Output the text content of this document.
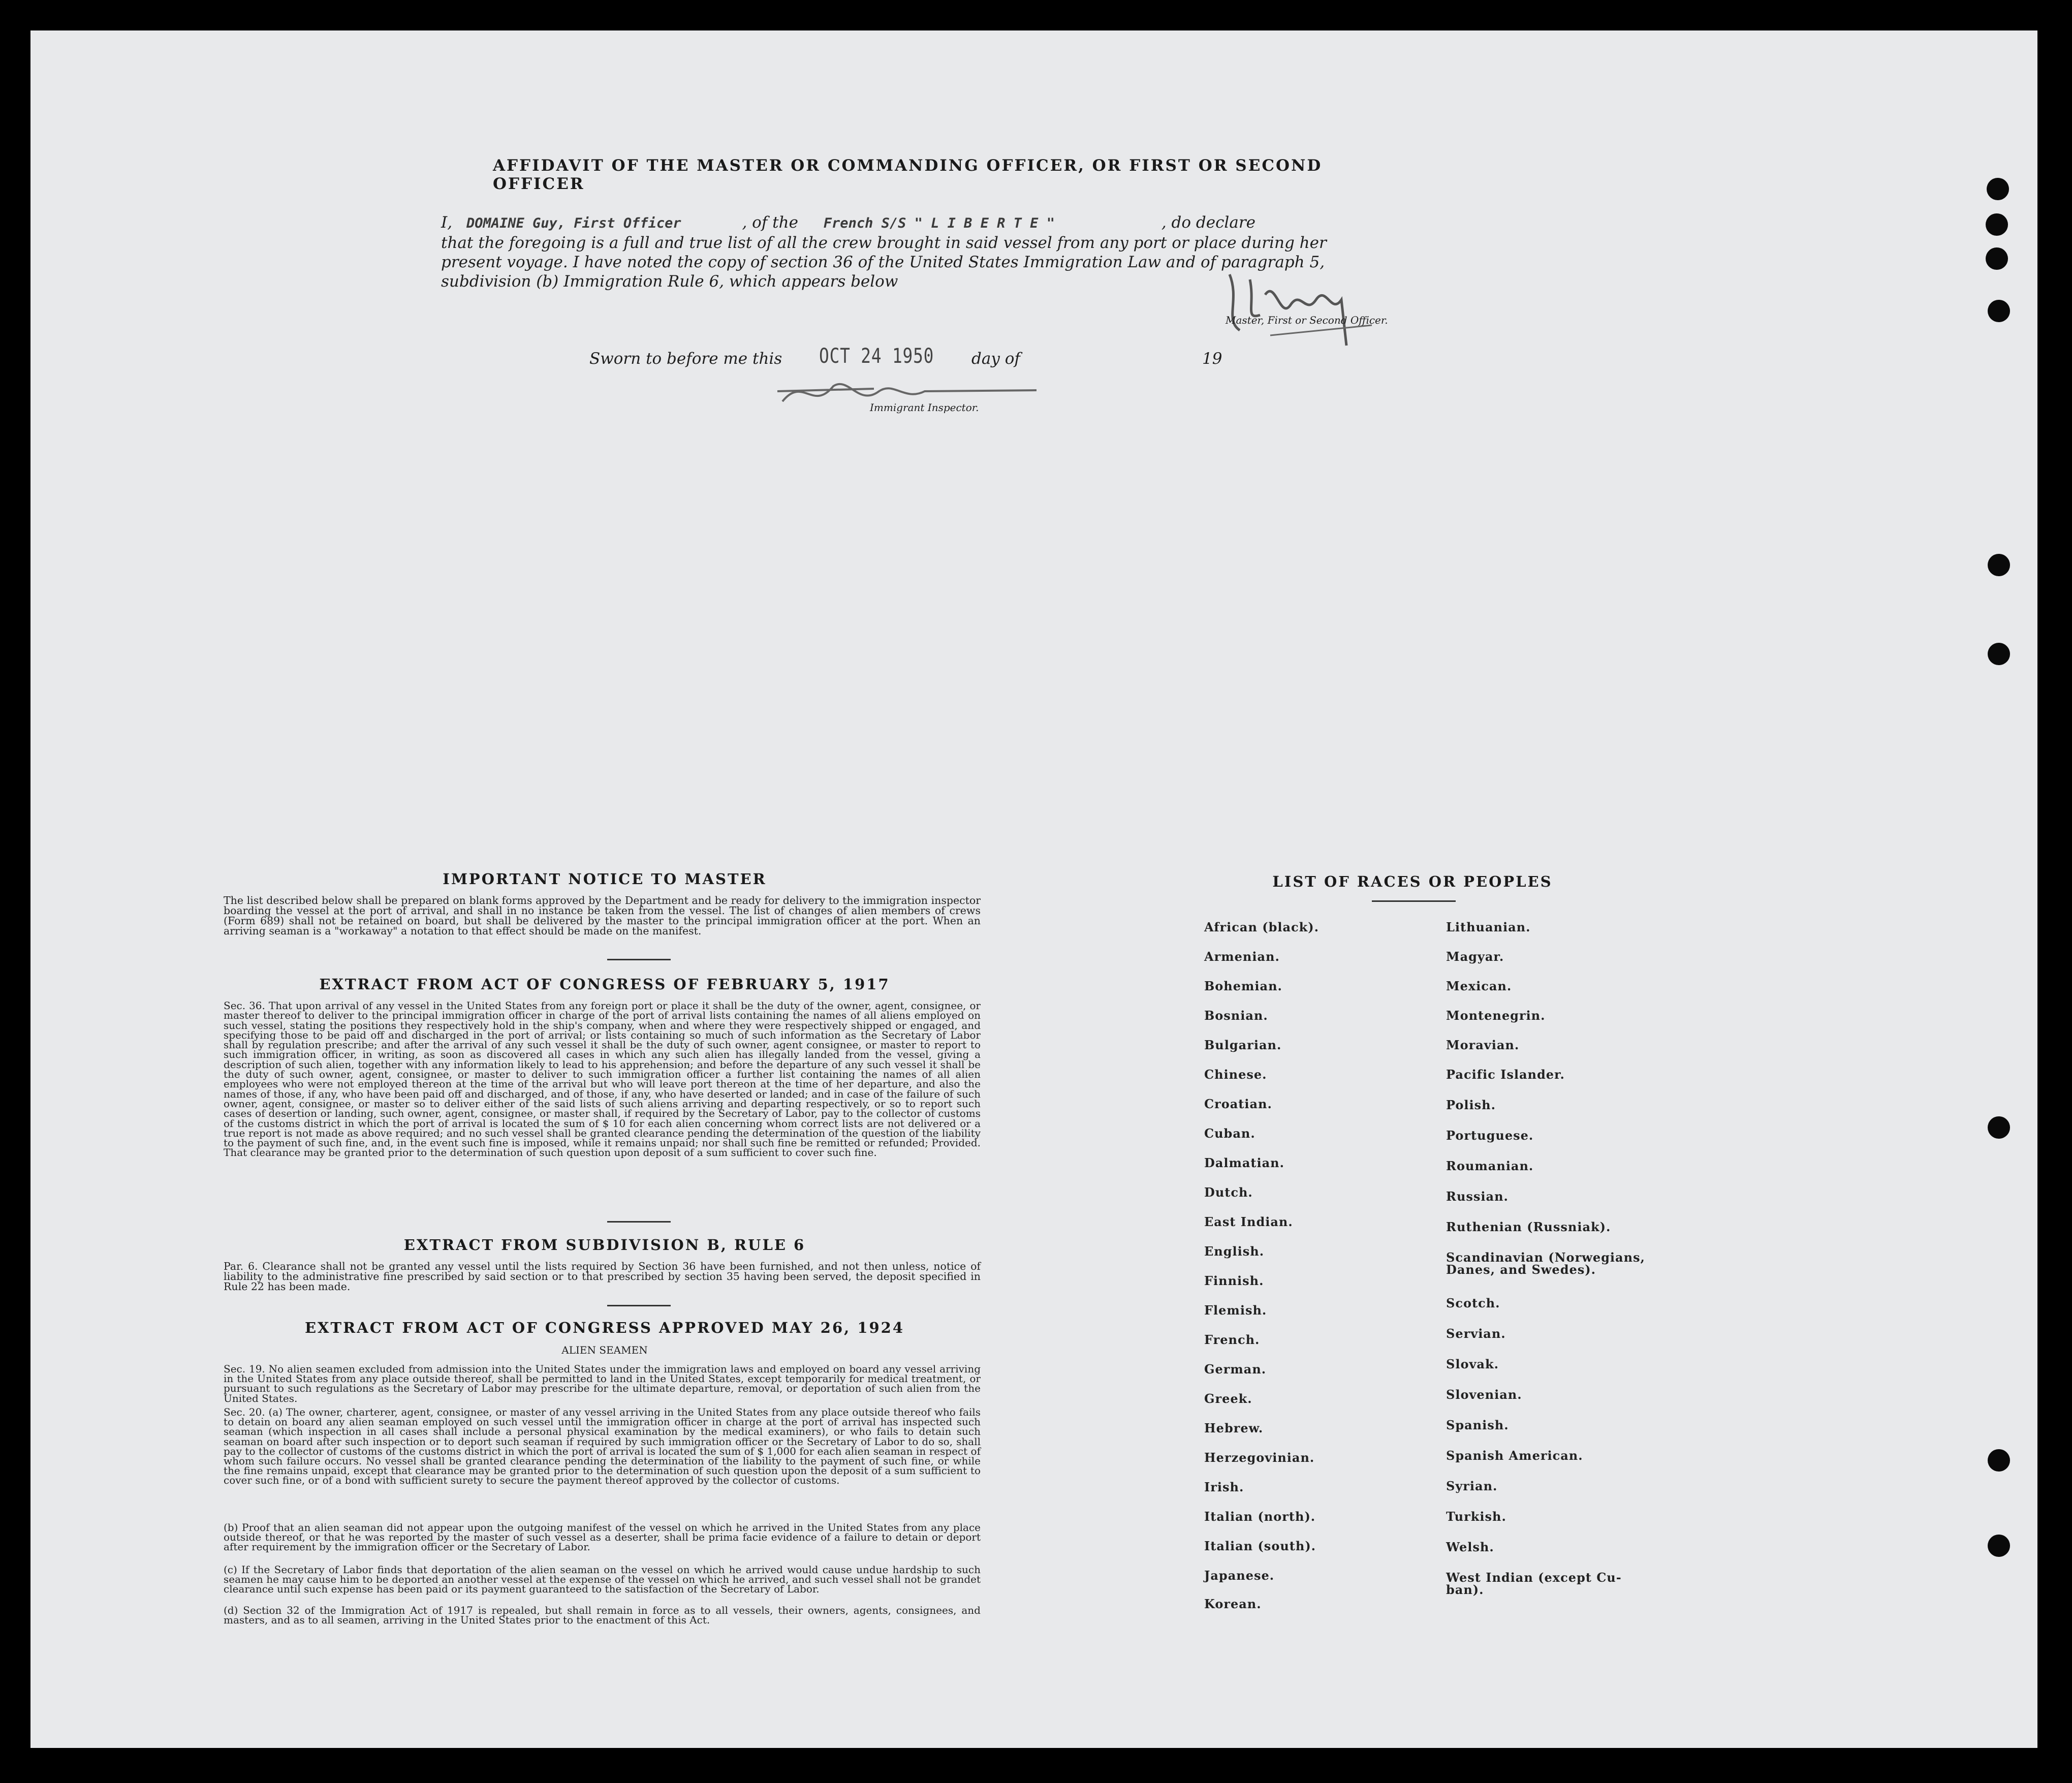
AFFIDAVIT OF THE MASTER OR COMMANDING OFFICER, OR FIRST OR SECOND OFFICER
I, DOMAINE Guy, First Officer	, of the French S/S " L I B E R T E "	, do declare
that the foregoing is a full and true list of all the crew brought in said vessel from any port or place during her
present voyage. I have noted the copy of section 36 of the United States Immigration Law and of paragraph 5,
subdivision (b) Immigration Rule 6, which appears below
Master, First or Second Officer.
Sworn to before me this OCT 24 1950 day of	19
Immigrant Inspector.
IMPORTANT NOTICE TO MASTER

The list described below shall be prepared on blank forms approved by the Department and be ready for delivery to the immigration inspector boarding the vessel at the port of arrival, and shall in no instance be taken from the vessel. The list of changes of alien members of crews (Form 689) shall not be retained on board, but shall be delivered by the master to the principal immigration officer at the port. When an arriving seaman is a "workaway" a notation to that effect should be made on the manifest.

EXTRACT FROM ACT OF CONGRESS OF FEBRUARY 5, 1917

Sec. 36. That upon arrival of any vessel in the United States from any foreign port or place it shall be the duty of the owner, agent, consignee, or master thereof to deliver to the principal immigration officer in charge of the port of arrival lists containing the names of all aliens employed on such vessel, stating the positions they respectively hold in the ship's company, when and where they were respectively shipped or engaged, and specifying those to be paid off and discharged in the port of arrival; or lists containing so much of such information as the Secretary of Labor shall by regulation prescribe; and after the arrival of any such vessel it shall be the duty of such owner, agent consignee, or master to report to such immigration officer, in writing, as soon as discovered all cases in which any such alien has illegally landed from the vessel, giving a description of such alien, together with any information likely to lead to his apprehension; and before the departure of any such vessel it shall be the duty of such owner, agent, consignee, or master to deliver to such immigration officer a further list containing the names of all alien employees who were not employed thereon at the time of the arrival but who will leave port thereon at the time of her departure, and also the names of those, if any, who have been paid off and discharged, and of those, if any, who have deserted or landed; and in case of the failure of such owner, agent, consignee, or master so to deliver either of the said lists of such aliens arriving and departing respectively, or so to report such cases of desertion or landing, such owner, agent, consignee, or master shall, if required by the Secretary of Labor, pay to the collector of customs of the customs district in which the port of arrival is located the sum of $ 10 for each alien concerning whom correct lists are not delivered or a true report is not made as above required; and no such vessel shall be granted clearance pending the determination of the question of the liability to the payment of such fine, and, in the event such fine is imposed, while it remains unpaid; nor shall such fine be remitted or refunded; Provided. That clearance may be granted prior to the determination of such question upon deposit of a sum sufficient to cover such fine.

EXTRACT FROM SUBDIVISION B, RULE 6

Par. 6. Clearance shall not be granted any vessel until the lists required by Section 36 have been furnished, and not then unless, notice of liability to the administrative fine prescribed by said section or to that prescribed by section 35 having been served, the deposit specified in Rule 22 has been made.

EXTRACT FROM ACT OF CONGRESS APPROVED MAY 26, 1924
ALIEN SEAMEN

Sec. 19. No alien seamen excluded from admission into the United States under the immigration laws and employed on board any vessel arriving in the United States from any place outside thereof, shall be permitted to land in the United States, except temporarily for medical treatment, or pursuant to such regulations as the Secretary of Labor may prescribe for the ultimate departure, removal, or deportation of such alien from the United States.

Sec. 20. (a) The owner, charterer, agent, consignee, or master of any vessel arriving in the United States from any place outside thereof who fails to detain on board any alien seaman employed on such vessel until the immigration officer in charge at the port of arrival has inspected such seaman (which inspection in all cases shall include a personal physical examination by the medical examiners), or who fails to detain such seaman on board after such inspection or to deport such seaman if required by such immigration officer or the Secretary of Labor to do so, shall pay to the collector of customs of the customs district in which the port of arrival is located the sum of $ 1,000 for each alien seaman in respect of whom such failure occurs. No vessel shall be granted clearance pending the determination of the liability to the payment of such fine, or while the fine remains unpaid, except that clearance may be granted prior to the determination of such question upon the deposit of a sum sufficient to cover such fine, or of a bond with sufficient surety to secure the payment thereof approved by the collector of customs.

(b) Proof that an alien seaman did not appear upon the outgoing manifest of the vessel on which he arrived in the United States from any place outside thereof, or that he was reported by the master of such vessel as a deserter, shall be prima facie evidence of a failure to detain or deport after requirement by the immigration officer or the Secretary of Labor.

(c) If the Secretary of Labor finds that deportation of the alien seaman on the vessel on which he arrived would cause undue hardship to such seamen he may cause him to be deported an another vessel at the expense of the vessel on which he arrived, and such vessel shall not be grandet clearance until such expense has been paid or its payment guaranteed to the satisfaction of the Secretary of Labor.

(d) Section 32 of the Immigration Act of 1917 is repealed, but shall remain in force as to all vessels, their owners, agents, consignees, and masters, and as to all seamen, arriving in the United States prior to the enactment of this Act.

LIST OF RACES OR PEOPLES
African (black).
Armenian.
Bohemian.
Bosnian.
Bulgarian.
Chinese.
Croatian.
Cuban.
Dalmatian.
Dutch.
East Indian.
English.
Finnish.
Flemish.
French.
German.
Greek.
Hebrew.
Herzegovinian.
Irish.
Italian (north).
Italian (south).
Japanese.
Korean.
Lithuanian.
Magyar.
Mexican.
Montenegrin.
Moravian.
Pacific Islander.
Polish.
Portuguese.
Roumanian.
Russian.
Ruthenian (Russniak).
Scandinavian (Norwegians,
Danes, and Swedes).
Scotch.
Servian.
Slovak.
Slovenian.
Spanish.
Spanish American.
Syrian.
Turkish.
Welsh.
West Indian (except Cu-
ban).
